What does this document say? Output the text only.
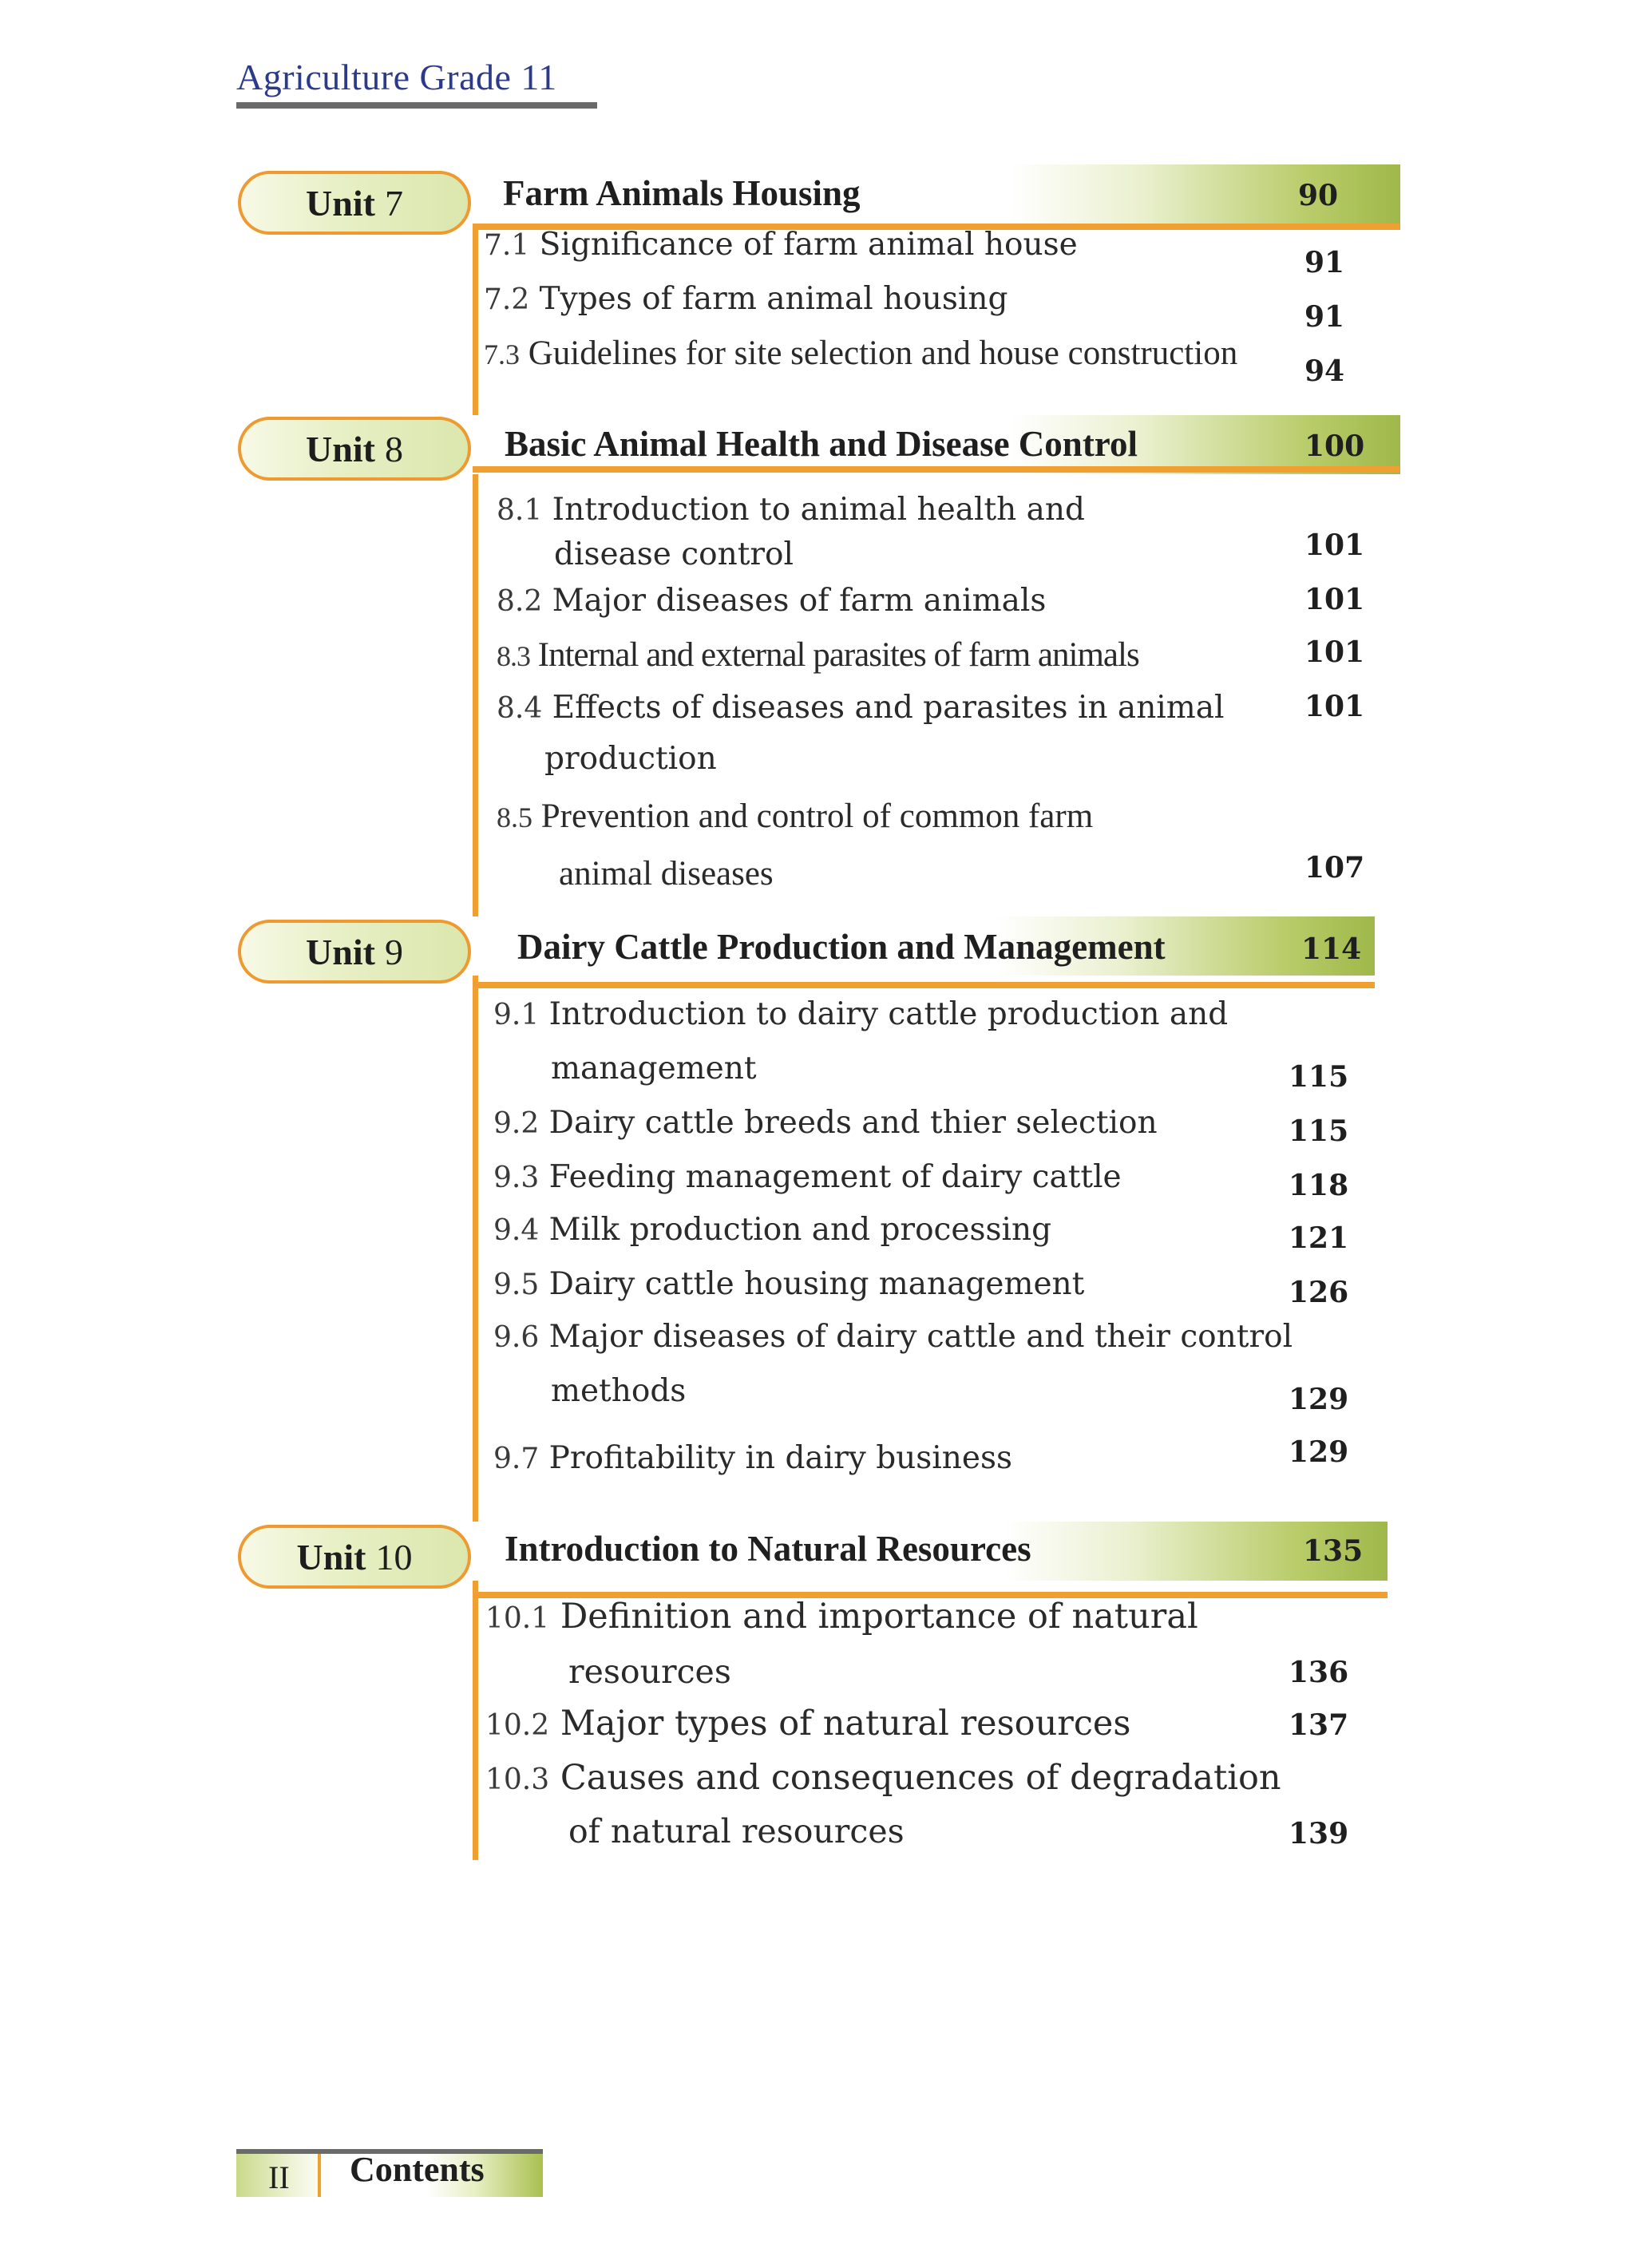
Agriculture Grade 11
Unit 7	Farm Animals Housing	90
7.1 Significance of farm animal house	91
7.2 Types of farm animal housing	91
7.3 Guidelines for site selection and house construction 94
Unit 8	Basic Animal Health and Disease Control	100
8.1 Introduction to animal health and
disease control	101
8.2 Major diseases of farm animals	101
8.3 Internal and external parasites of farm animals	101
8.4 Effects of diseases and parasites in animal
production
101
8.5 Prevention and control of common farm
animal diseases	107
Unit 9	Dairy Cattle Production and Management	114
9.1 Introduction to dairy cattle production and
management	115
9.2 Dairy cattle breeds and thier selection	115
9.3 Feeding management of dairy cattle	118
9.4 Milk production and processing	121
9.5 Dairy cattle housing management	126
9.6 Major diseases of dairy cattle and their control
methods	129
9.7 Profitability in dairy business	129
Unit 10	Introduction to Natural Resources	135
10.1 Definition and importance of natural
resources	136
10.2 Major types of natural resources	137
10.3 Causes and consequences of degradation
of natural resources	139
II Contents
